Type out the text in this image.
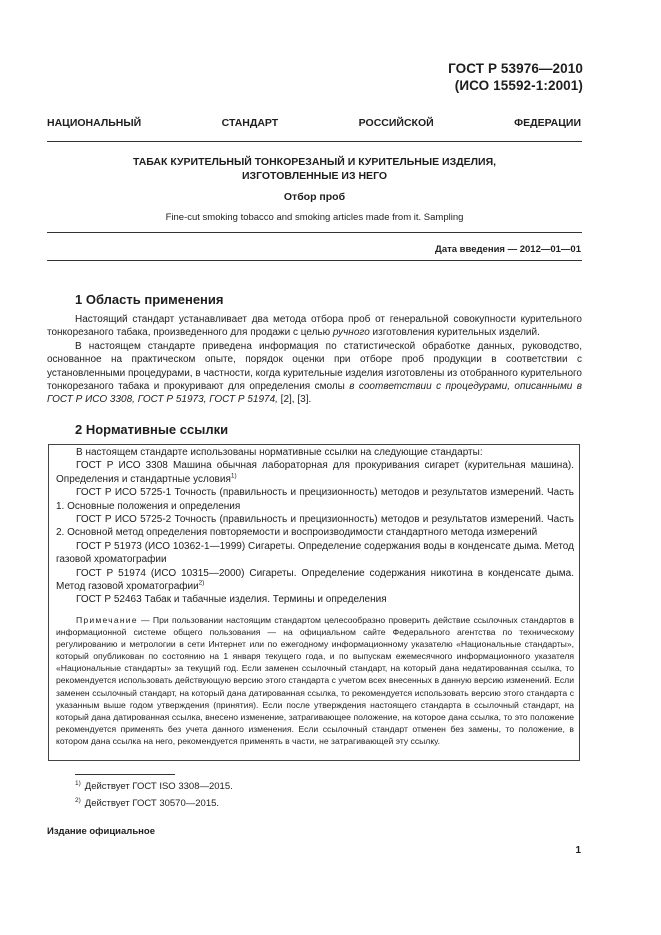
ГОСТ Р 53976—2010
(ИСО 15592-1:2001)
НАЦИОНАЛЬНЫЙ СТАНДАРТ РОССИЙСКОЙ ФЕДЕРАЦИИ
ТАБАК КУРИТЕЛЬНЫЙ ТОНКОРЕЗАНЫЙ И КУРИТЕЛЬНЫЕ ИЗДЕЛИЯ,
ИЗГОТОВЛЕННЫЕ ИЗ НЕГО
Отбор проб
Fine-cut smoking tobacco and smoking articles made from it. Sampling
Дата введения — 2012—01—01
1 Область применения

Настоящий стандарт устанавливает два метода отбора проб от генеральной совокупности курительного тонкорезаного табака, произведенного для продажи с целью ручного изготовления курительных изделий.

В настоящем стандарте приведена информация по статистической обработке данных, руководство, основанное на практическом опыте, порядок оценки при отборе проб продукции в соответствии с установленными процедурами, в частности, когда курительные изделия изготовлены из отобранного курительного тонкорезаного табака и прокуривают для определения смолы в соответствии с процедурами, описанными в ГОСТ Р ИСО 3308, ГОСТ Р 51973, ГОСТ Р 51974, [2], [3].

2 Нормативные ссылки

В настоящем стандарте использованы нормативные ссылки на следующие стандарты:

ГОСТ Р ИСО 3308 Машина обычная лабораторная для прокуривания сигарет (курительная машина). Определения и стандартные условия$^{1)}$

ГОСТ Р ИСО 5725-1 Точность (правильность и прецизионность) методов и результатов измерений. Часть 1. Основные положения и определения

ГОСТ Р ИСО 5725-2 Точность (правильность и прецизионность) методов и результатов измерений. Часть 2. Основной метод определения повторяемости и воспроизводимости стандартного метода измерений

ГОСТ Р 51973 (ИСО 10362-1—1999) Сигареты. Определение содержания воды в конденсате дыма. Метод газовой хроматографии

ГОСТ Р 51974 (ИСО 10315—2000) Сигареты. Определение содержания никотина в конденсате дыма. Метод газовой хроматографии$^{2)}$

ГОСТ Р 52463 Табак и табачные изделия. Термины и определения

Примечание — При пользовании настоящим стандартом целесообразно проверить действие ссылочных стандартов в информационной системе общего пользования — на официальном сайте Федерального агентства по техническому регулированию и метрологии в сети Интернет или по ежегодному информационному указателю «Национальные стандарты», который опубликован по состоянию на 1 января текущего года, и по выпускам ежемесячного информационного указателя «Национальные стандарты» за текущий год. Если заменен ссылочный стандарт, на который дана недатированная ссылка, то рекомендуется использовать действующую версию этого стандарта с учетом всех внесенных в данную версию изменений. Если заменен ссылочный стандарт, на который дана датированная ссылка, то рекомендуется использовать версию этого стандарта с указанным выше годом утверждения (принятия). Если после утверждения настоящего стандарта в ссылочный стандарт, на который дана датированная ссылка, внесено изменение, затрагивающее положение, на которое дана ссылка, то это положение рекомендуется применять без учета данного изменения. Если ссылочный стандарт отменен без замены, то положение, в котором дана ссылка на него, рекомендуется применять в части, не затрагивающей эту ссылку.

$^{1)}$ Действует ГОСТ ISO 3308—2015.
$^{2)}$ Действует ГОСТ 30570—2015.
Издание официальное
1
